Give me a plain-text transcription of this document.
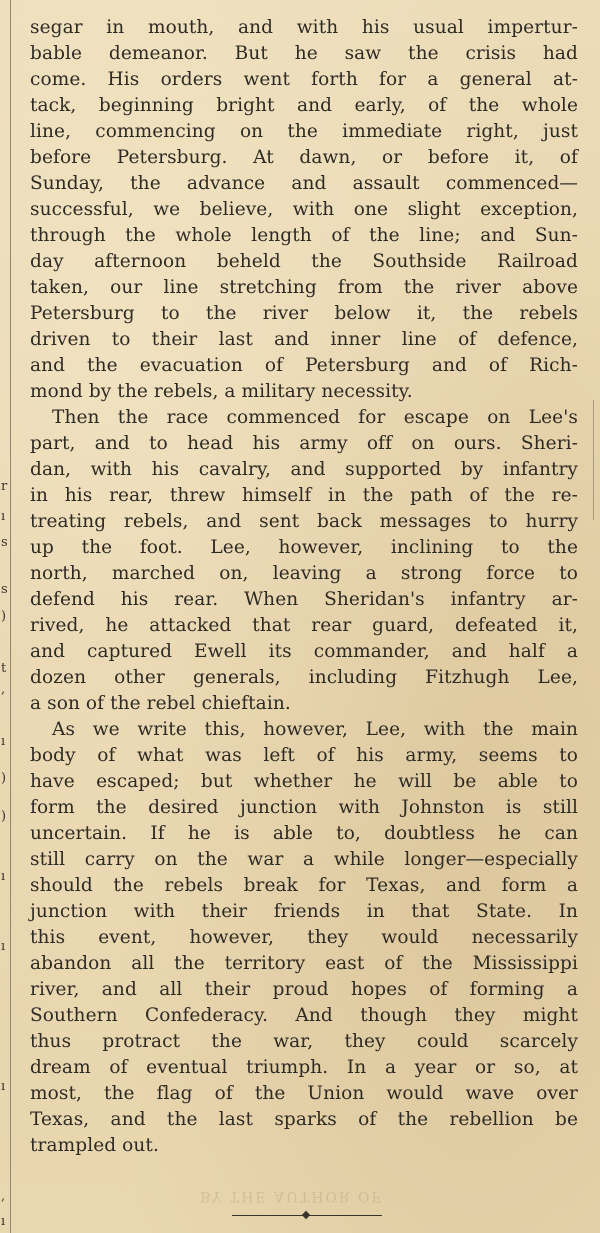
r
ı
s
s
)
t
,
ı
)
)
ı
ı
ı
,
ı
segar in mouth, and with his usual impertur-
bable demeanor. But he saw the crisis had
come. His orders went forth for a general at-
tack, beginning bright and early, of the whole
line, commencing on the immediate right, just
before Petersburg. At dawn, or before it, of
Sunday, the advance and assault commenced—
successful, we believe, with one slight exception,
through the whole length of the line; and Sun-
day afternoon beheld the Southside Railroad
taken, our line stretching from the river above
Petersburg to the river below it, the rebels
driven to their last and inner line of defence,
and the evacuation of Petersburg and of Rich-
mond by the rebels, a military necessity.
Then the race commenced for escape on Lee's
part, and to head his army off on ours. Sheri-
dan, with his cavalry, and supported by infantry
in his rear, threw himself in the path of the re-
treating rebels, and sent back messages to hurry
up the foot. Lee, however, inclining to the
north, marched on, leaving a strong force to
defend his rear. When Sheridan's infantry ar-
rived, he attacked that rear guard, defeated it,
and captured Ewell its commander, and half a
dozen other generals, including Fitzhugh Lee,
a son of the rebel chieftain.
As we write this, however, Lee, with the main
body of what was left of his army, seems to
have escaped; but whether he will be able to
form the desired junction with Johnston is still
uncertain. If he is able to, doubtless he can
still carry on the war a while longer—especially
should the rebels break for Texas, and form a
junction with their friends in that State. In
this event, however, they would necessarily
abandon all the territory east of the Mississippi
river, and all their proud hopes of forming a
Southern Confederacy. And though they might
thus protract the war, they could scarcely
dream of eventual triumph. In a year or so, at
most, the flag of the Union would wave over
Texas, and the last sparks of the rebellion be
trampled out.
BY THE AUTHOR OF
